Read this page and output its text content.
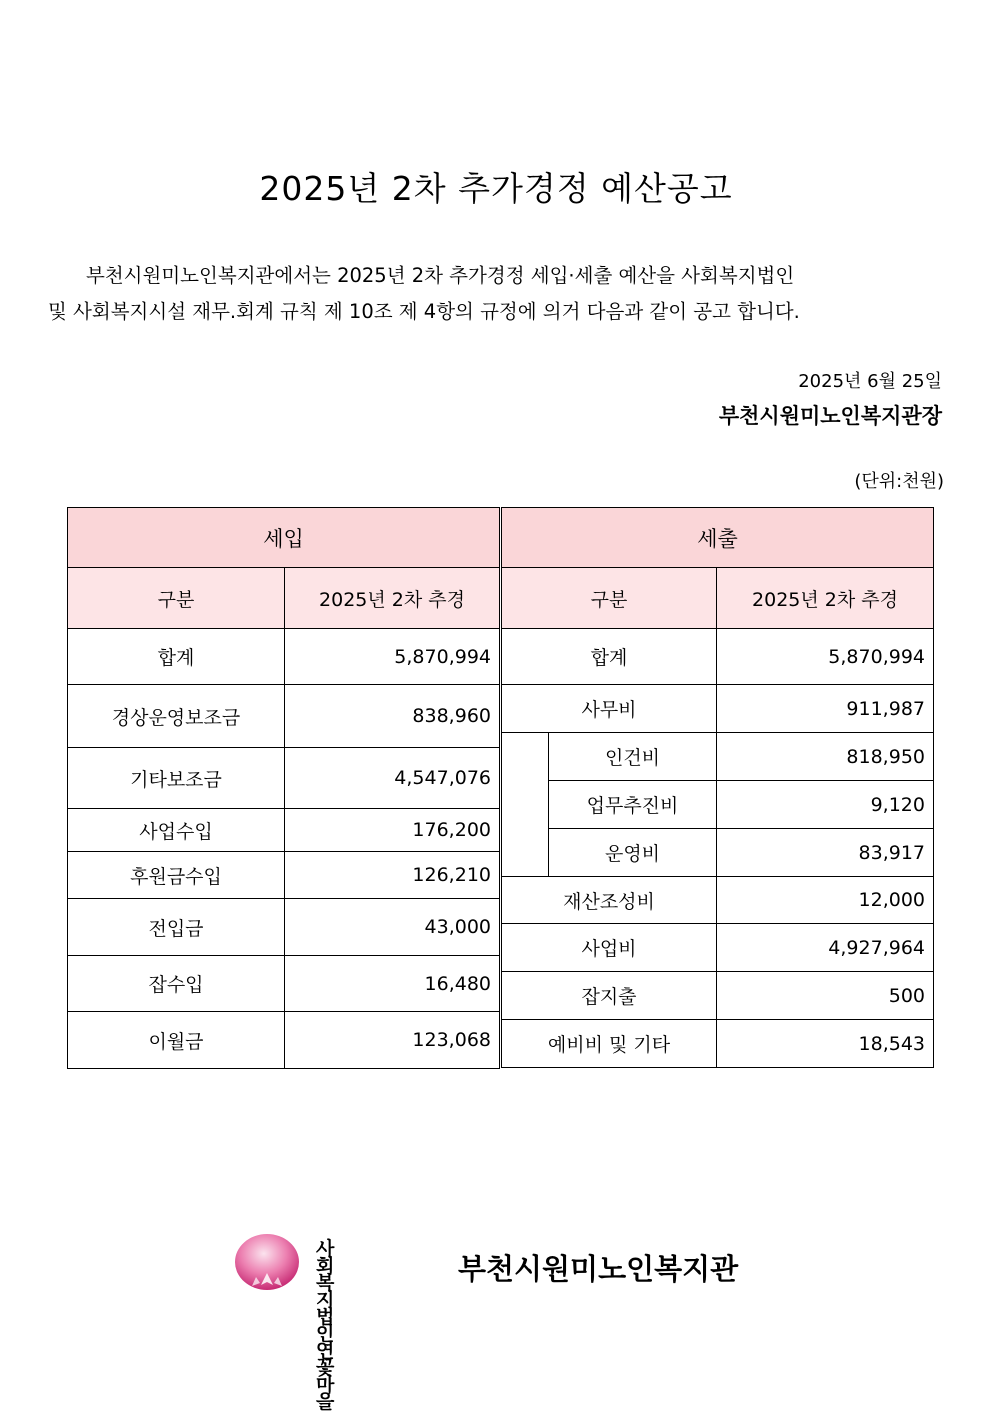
2025년 2차 추가경정 예산공고
부천시원미노인복지관에서는 2025년 2차 추가경정 세입·세출 예산을 사회복지법인
및 사회복지시설 재무.회계 규칙 제 10조 제 4항의 규정에 의거 다음과 같이 공고 합니다.
2025년 6월 25일
부천시원미노인복지관장
(단위:천원)
세입	
구분	2025년 2차 추경
합계	5,870,994
경상운영보조금	838,960
기타보조금	4,547,076
사업수입	176,200
후원금수입	126,210
전입금	43,000
잡수입	16,480
이월금	123,068
세출		
구분		2025년 2차 추경
합계		5,870,994
사무비		911,987
	인건비	818,950
	업무추진비	9,120
	운영비	83,917
재산조성비		12,000
사업비		4,927,964
잡지출		500
예비비 및 기타		18,543
사회복지법인
연꽃마을
부천시원미노인복지관
